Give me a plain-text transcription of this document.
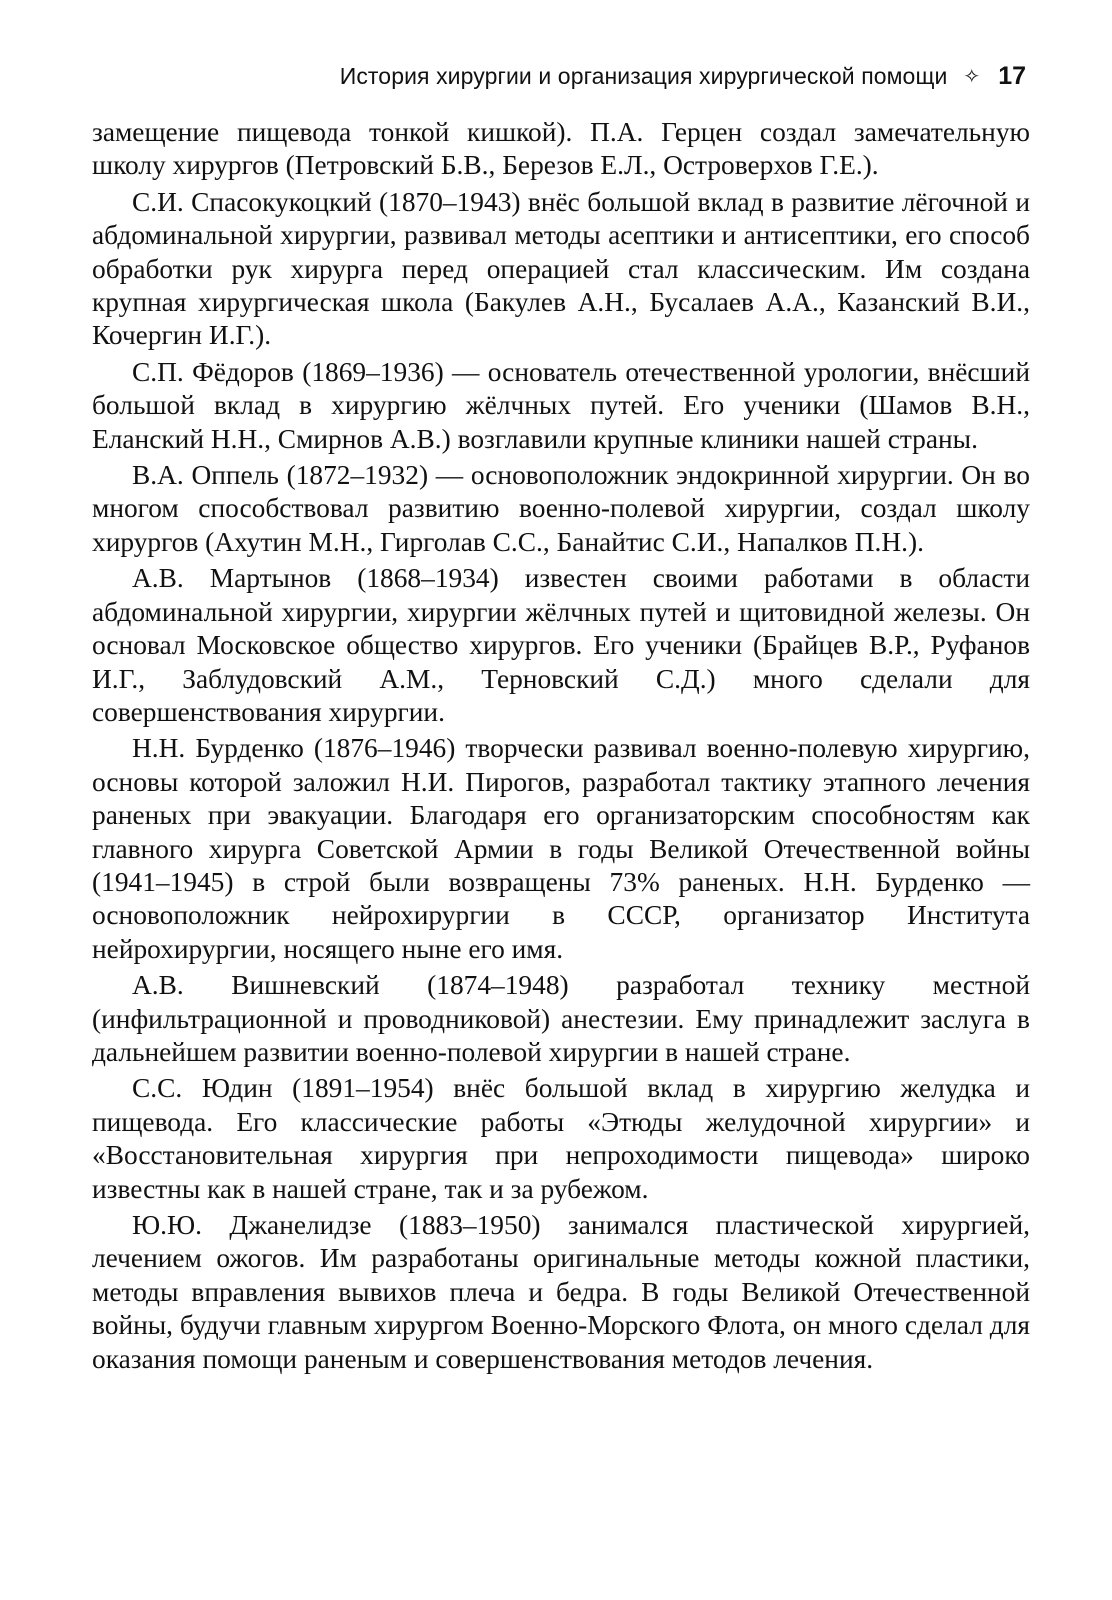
История хирургии и организация хирургической помощи ✧ 17

замещение пищевода тонкой кишкой). П.А. Герцен создал замечательную школу хирургов (Петровский Б.В., Березов Е.Л., Островерхов Г.Е.).

С.И. Спасокукоцкий (1870–1943) внёс большой вклад в развитие лёгочной и абдоминальной хирургии, развивал методы асептики и антисептики, его способ обработки рук хирурга перед операцией стал классическим. Им создана крупная хирургическая школа (Бакулев А.Н., Бусалаев А.А., Казанский В.И., Кочергин И.Г.).

С.П. Фёдоров (1869–1936) — основатель отечественной урологии, внёсший большой вклад в хирургию жёлчных путей. Его ученики (Шамов В.Н., Еланский Н.Н., Смирнов А.В.) возглавили крупные клиники нашей страны.

В.А. Оппель (1872–1932) — основоположник эндокринной хирургии. Он во многом способствовал развитию военно-полевой хирургии, создал школу хирургов (Ахутин М.Н., Гирголав С.С., Банайтис С.И., Напалков П.Н.).

А.В. Мартынов (1868–1934) известен своими работами в области абдоминальной хирургии, хирургии жёлчных путей и щитовидной железы. Он основал Московское общество хирургов. Его ученики (Брайцев В.Р., Руфанов И.Г., Заблудовский А.М., Терновский С.Д.) много сделали для совершенствования хирургии.

Н.Н. Бурденко (1876–1946) творчески развивал военно-полевую хирургию, основы которой заложил Н.И. Пирогов, разработал тактику этапного лечения раненых при эвакуации. Благодаря его организаторским способностям как главного хирурга Советской Армии в годы Великой Отечественной войны (1941–1945) в строй были возвращены 73% раненых. Н.Н. Бурденко — основоположник нейрохирургии в СССР, организатор Института нейрохирургии, носящего ныне его имя.

А.В. Вишневский (1874–1948) разработал технику местной (инфильтрационной и проводниковой) анестезии. Ему принадлежит заслуга в дальнейшем развитии военно-полевой хирургии в нашей стране.

С.С. Юдин (1891–1954) внёс большой вклад в хирургию желудка и пищевода. Его классические работы «Этюды желудочной хирургии» и «Восстановительная хирургия при непроходимости пищевода» широко известны как в нашей стране, так и за рубежом.

Ю.Ю. Джанелидзе (1883–1950) занимался пластической хирургией, лечением ожогов. Им разработаны оригинальные методы кожной пластики, методы вправления вывихов плеча и бедра. В годы Великой Отечественной войны, будучи главным хирургом Военно-Морского Флота, он много сделал для оказания помощи раненым и совершенствования методов лечения.
